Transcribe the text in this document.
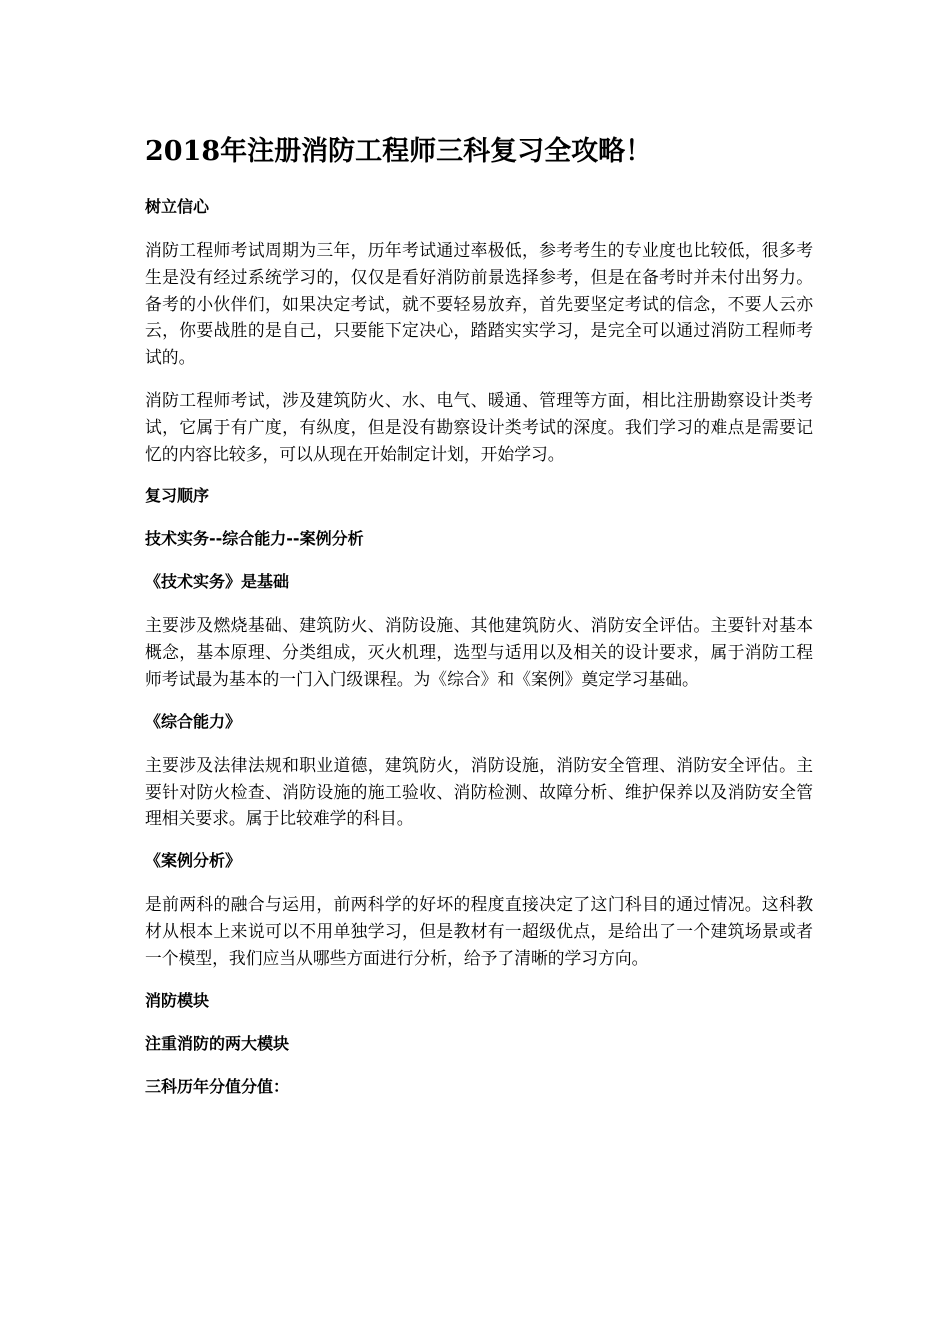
2018年注册消防工程师三科复习全攻略！
树立信心

消防工程师考试周期为三年，历年考试通过率极低，参考考生的专业度也比较低，很多考生是没有经过系统学习的，仅仅是看好消防前景选择参考，但是在备考时并未付出努力。备考的小伙伴们，如果决定考试，就不要轻易放弃，首先要坚定考试的信念，不要人云亦云，你要战胜的是自己，只要能下定决心，踏踏实实学习，是完全可以通过消防工程师考试的。

消防工程师考试，涉及建筑防火、水、电气、暖通、管理等方面，相比注册勘察设计类考试，它属于有广度，有纵度，但是没有勘察设计类考试的深度。我们学习的难点是需要记忆的内容比较多，可以从现在开始制定计划，开始学习。

复习顺序
技术实务--综合能力--案例分析
《技术实务》是基础

主要涉及燃烧基础、建筑防火、消防设施、其他建筑防火、消防安全评估。主要针对基本概念，基本原理、分类组成，灭火机理，选型与适用以及相关的设计要求，属于消防工程师考试最为基本的一门入门级课程。为《综合》和《案例》奠定学习基础。

《综合能力》

主要涉及法律法规和职业道德，建筑防火，消防设施，消防安全管理、消防安全评估。主要针对防火检查、消防设施的施工验收、消防检测、故障分析、维护保养以及消防安全管理相关要求。属于比较难学的科目。

《案例分析》

是前两科的融合与运用，前两科学的好坏的程度直接决定了这门科目的通过情况。这科教材从根本上来说可以不用单独学习，但是教材有一超级优点，是给出了一个建筑场景或者一个模型，我们应当从哪些方面进行分析，给予了清晰的学习方向。

消防模块
注重消防的两大模块
三科历年分值分值：
